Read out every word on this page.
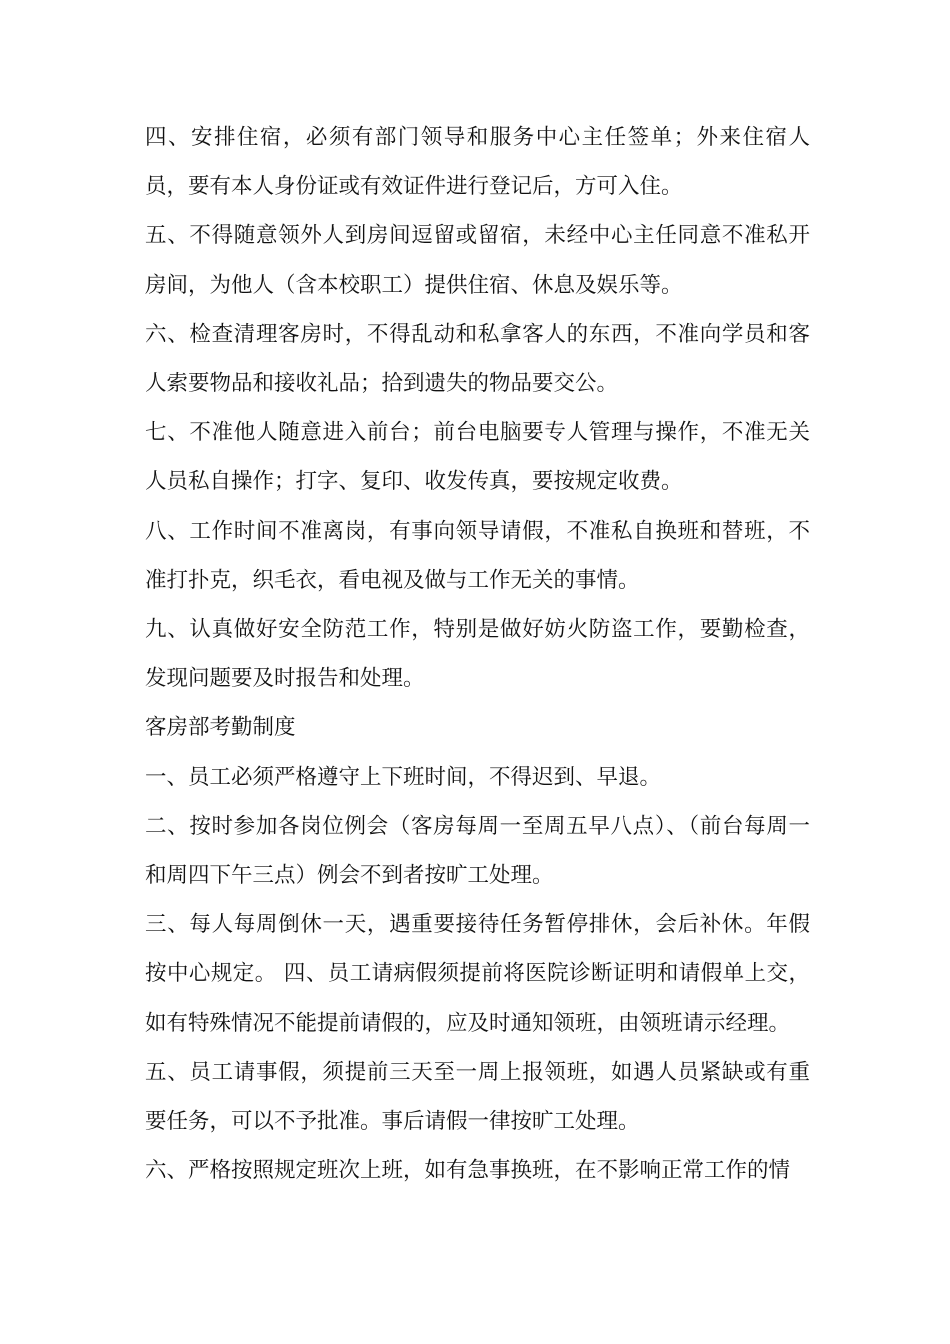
四、安排住宿，必须有部门领导和服务中心主任签单；外来住宿人员，要有本人身份证或有效证件进行登记后，方可入住。

五、不得随意领外人到房间逗留或留宿，未经中心主任同意不准私开房间，为他人（含本校职工）提供住宿、休息及娱乐等。

六、检查清理客房时，不得乱动和私拿客人的东西，不准向学员和客人索要物品和接收礼品；拾到遗失的物品要交公。

七、不准他人随意进入前台；前台电脑要专人管理与操作，不准无关人员私自操作；打字、复印、收发传真，要按规定收费。

八、工作时间不准离岗，有事向领导请假，不准私自换班和替班，不准打扑克，织毛衣，看电视及做与工作无关的事情。

九、认真做好安全防范工作，特别是做好妨火防盗工作，要勤检查，发现问题要及时报告和处理。

客房部考勤制度

一、员工必须严格遵守上下班时间，不得迟到、早退。

二、按时参加各岗位例会（客房每周一至周五早八点）、（前台每周一和周四下午三点）例会不到者按旷工处理。

三、每人每周倒休一天，遇重要接待任务暂停排休，会后补休。年假按中心规定。 四、员工请病假须提前将医院诊断证明和请假单上交，如有特殊情况不能提前请假的，应及时通知领班，由领班请示经理。

五、员工请事假，须提前三天至一周上报领班，如遇人员紧缺或有重要任务，可以不予批准。事后请假一律按旷工处理。

六、严格按照规定班次上班，如有急事换班，在不影响正常工作的情
